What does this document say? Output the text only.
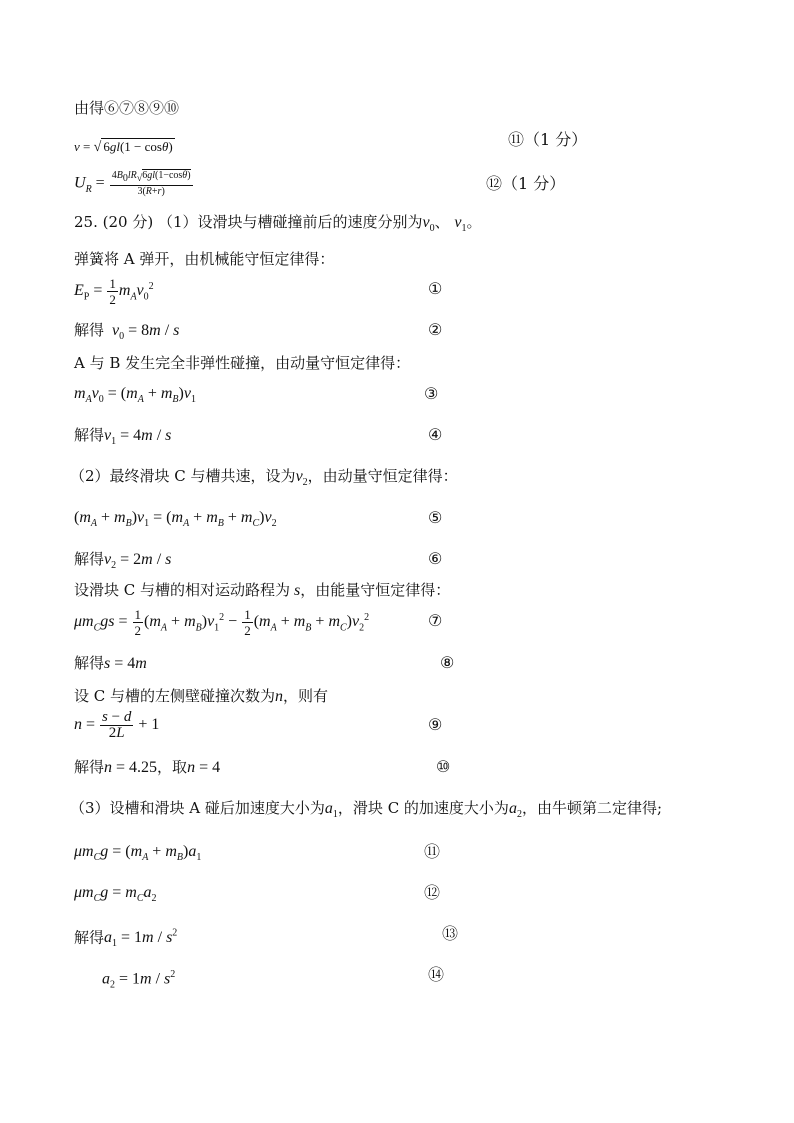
由得⑥⑦⑧⑨⑩
v = √ 6gl(1 − cosθ)	⑪（1 分）
$U_R = \frac{4B_0lR_√6gl(1-\cos\theta)}{3(R+r)}$	⑫（1 分）
25. (20 分) （1）设滑块与槽碰撞前后的速度分别为$v_0$、 $v_1$。
弹簧将 A 弹开，由机械能守恒定律得：
$E_P = \frac{1}{2} m_Av_0^2$	①
解得 $v_0 = 8m / s$	②
A 与 B 发生完全非弹性碰撞，由动量守恒定律得：
$m_Av_0 = (m_A + m_B)v_1$	③
解得$v_1 = 4m / s$	④
（2）最终滑块 C 与槽共速，设为$v_2$，由动量守恒定律得：
$(m_A + m_B)v_1 = (m_A + m_B + m_C)v_2$	⑤
解得$v_2 = 2m / s$	⑥
设滑块 C 与槽的相对运动路程为 s，由能量守恒定律得：
$\mu m_Cgs = \frac{1}{2} (m_A + m_B)v_1^2 - \frac{1}{2} (m_A + m_B + m_C)v_2^2$	⑦
解得s = 4m	⑧
设 C 与槽的左侧壁碰撞次数为n，则有
$n = \frac{s - d}{2L} + 1$	⑨
解得n = 4.25，取n = 4	⑩
（3）设槽和滑块 A 碰后加速度大小为$a_1$，滑块 C 的加速度大小为$a_2$，由牛顿第二定律得;
$\mu m_Cg = (m_A + m_B)a_1$	⑪
$\mu m_Cg = m_Ca_2$	⑫
解得$a_1 = 1m / s^2$	⑬
$a_2 = 1m / s^2$	⑭
